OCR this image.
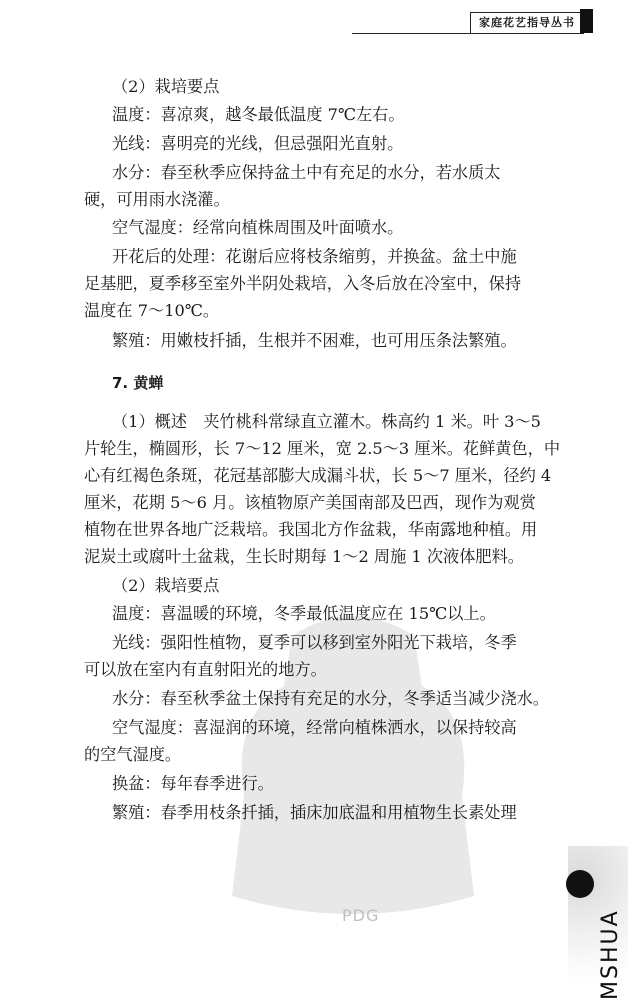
家庭花艺指导丛书
PDG
（2）栽培要点
温度：喜凉爽，越冬最低温度 7℃左右。
光线：喜明亮的光线，但忌强阳光直射。
水分：春至秋季应保持盆土中有充足的水分，若水质太
硬，可用雨水浇灌。
空气湿度：经常向植株周围及叶面喷水。
开花后的处理：花谢后应将枝条缩剪，并换盆。盆土中施
足基肥，夏季移至室外半阴处栽培，入冬后放在冷室中，保持
温度在 7～10℃。
繁殖：用嫩枝扦插，生根并不困难，也可用压条法繁殖。
7. 黄蝉
（1）概述　夹竹桃科常绿直立灌木。株高约 1 米。叶 3～5
片轮生，椭圆形，长 7～12 厘米，宽 2.5～3 厘米。花鲜黄色，中
心有红褐色条斑，花冠基部膨大成漏斗状，长 5～7 厘米，径约 4
厘米，花期 5～6 月。该植物原产美国南部及巴西，现作为观赏
植物在世界各地广泛栽培。我国北方作盆栽，华南露地种植。用
泥炭土或腐叶土盆栽，生长时期每 1～2 周施 1 次液体肥料。
（2）栽培要点
温度：喜温暖的环境，冬季最低温度应在 15℃以上。
光线：强阳性植物，夏季可以移到室外阳光下栽培，冬季
可以放在室内有直射阳光的地方。
水分：春至秋季盆土保持有充足的水分，冬季适当减少浇水。
空气湿度：喜湿润的环境，经常向植株洒水，以保持较高
的空气湿度。
换盆：每年春季进行。
繁殖：春季用枝条扦插，插床加底温和用植物生长素处理
MSHUA
